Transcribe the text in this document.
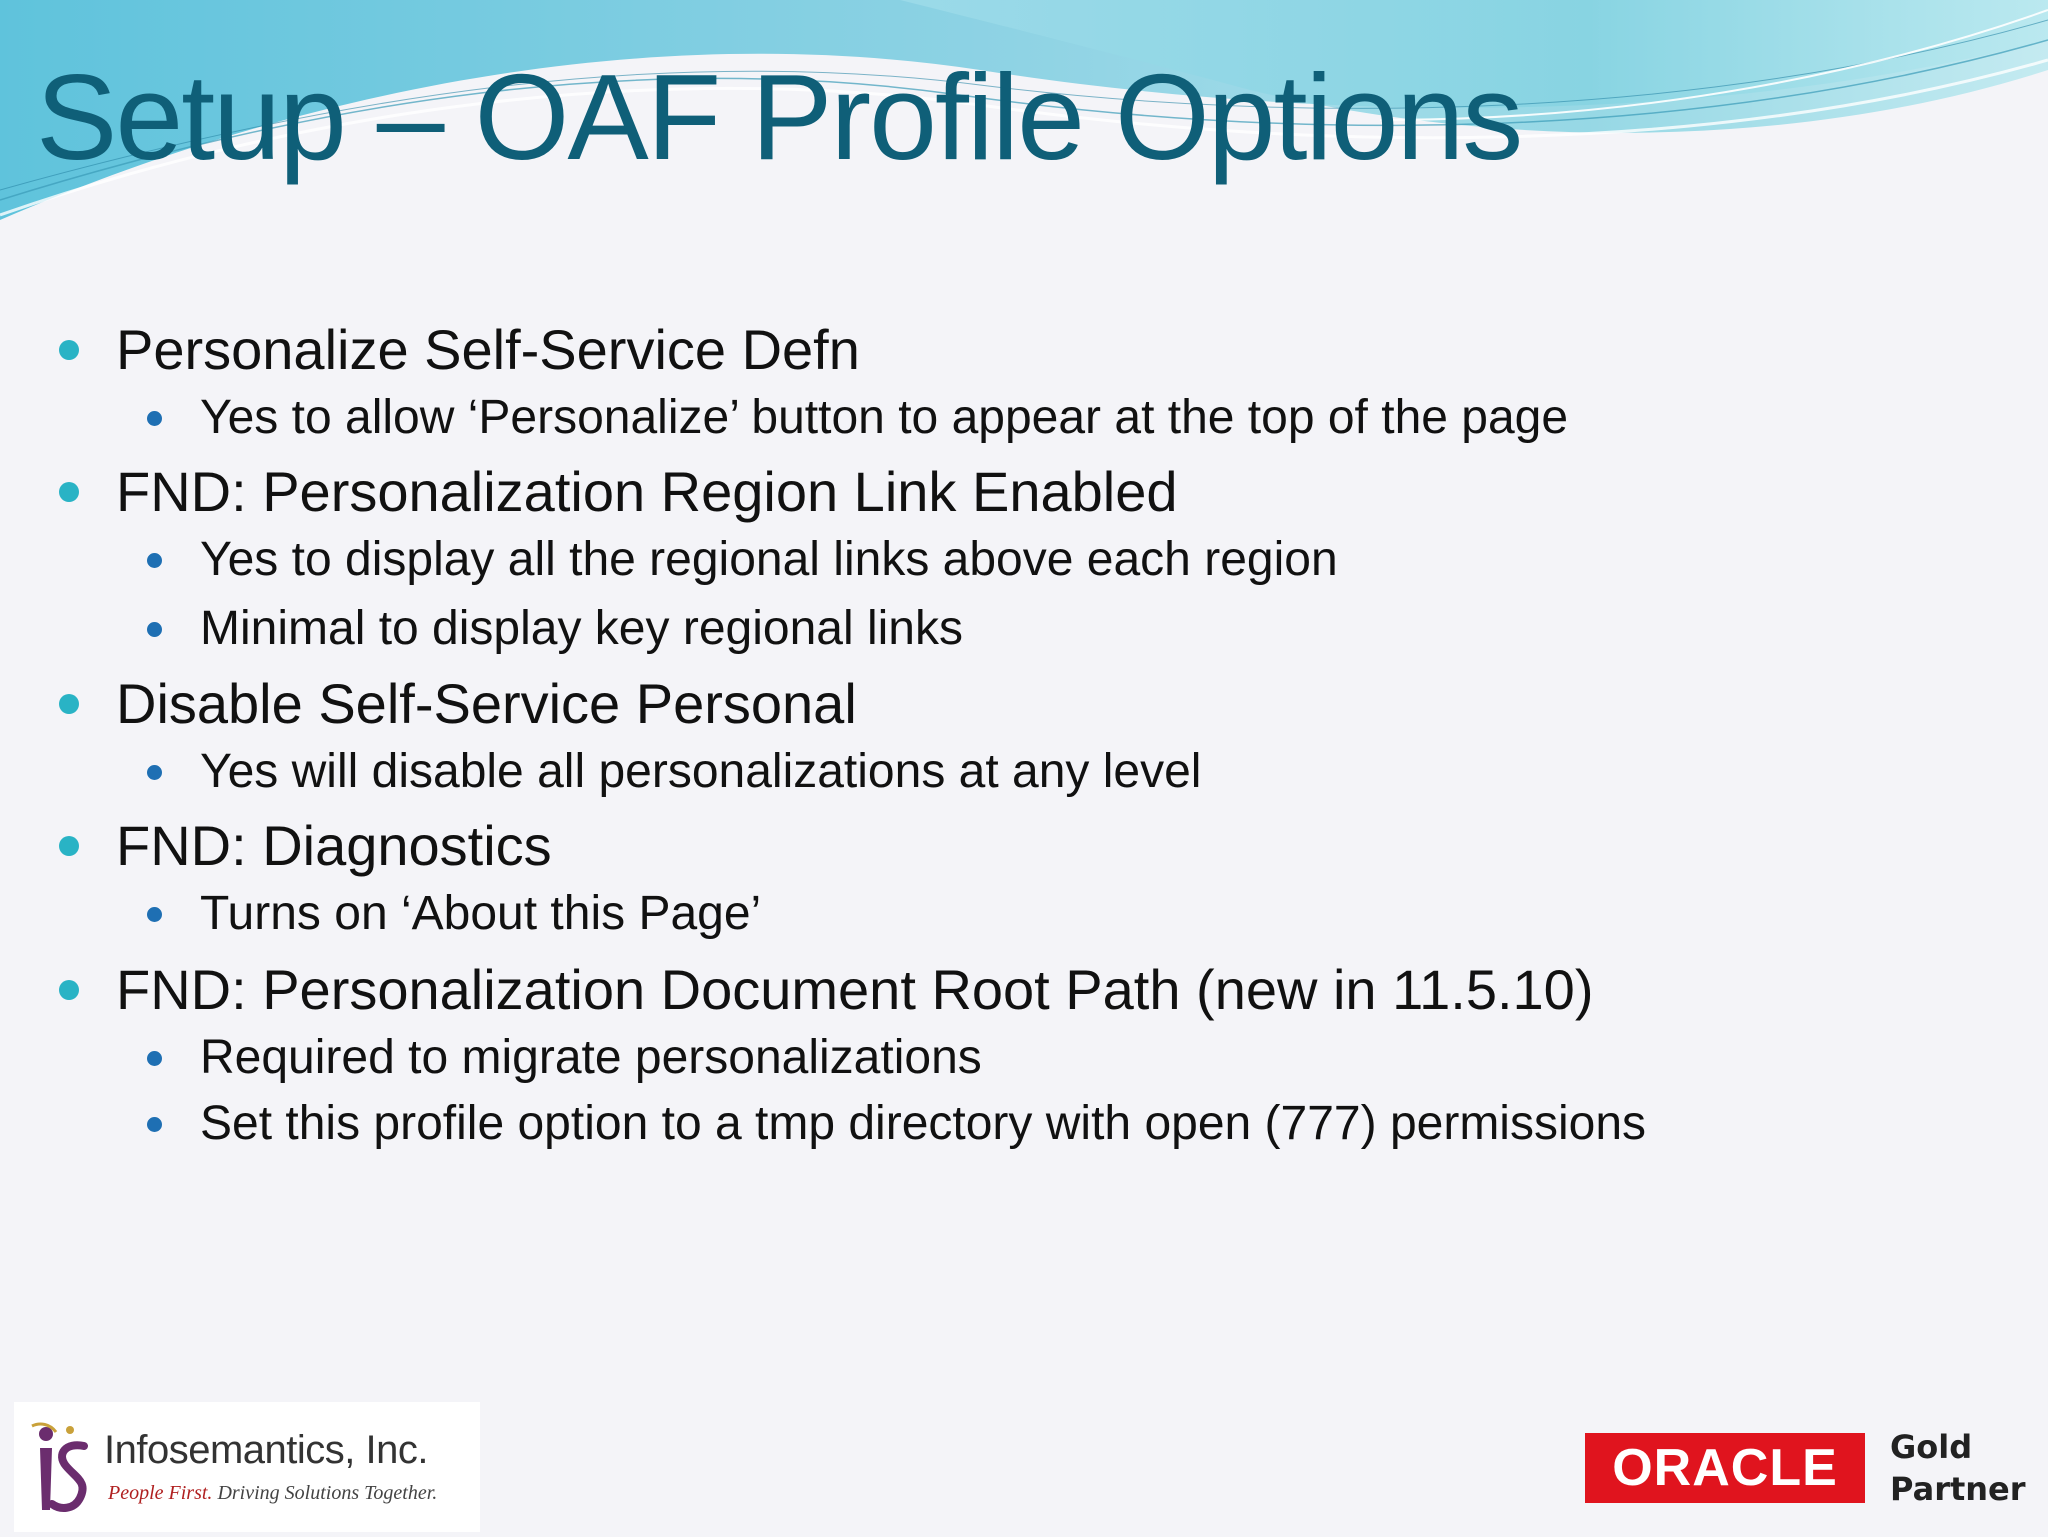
Setup – OAF Profile Options
Personalize Self-Service Defn
Yes to allow ‘Personalize’ button to appear at the top of the page
FND: Personalization Region Link Enabled
Yes to display all the regional links above each region
Minimal to display key regional links
Disable Self-Service Personal
Yes will disable all personalizations at any level
FND: Diagnostics
Turns on ‘About this Page’
FND: Personalization Document Root Path (new in 11.5.10)
Required to migrate personalizations
Set this profile option to a tmp directory with open (777) permissions
Infosemantics, Inc.
People First. Driving Solutions Together.	ORACLE	Gold
Partner
